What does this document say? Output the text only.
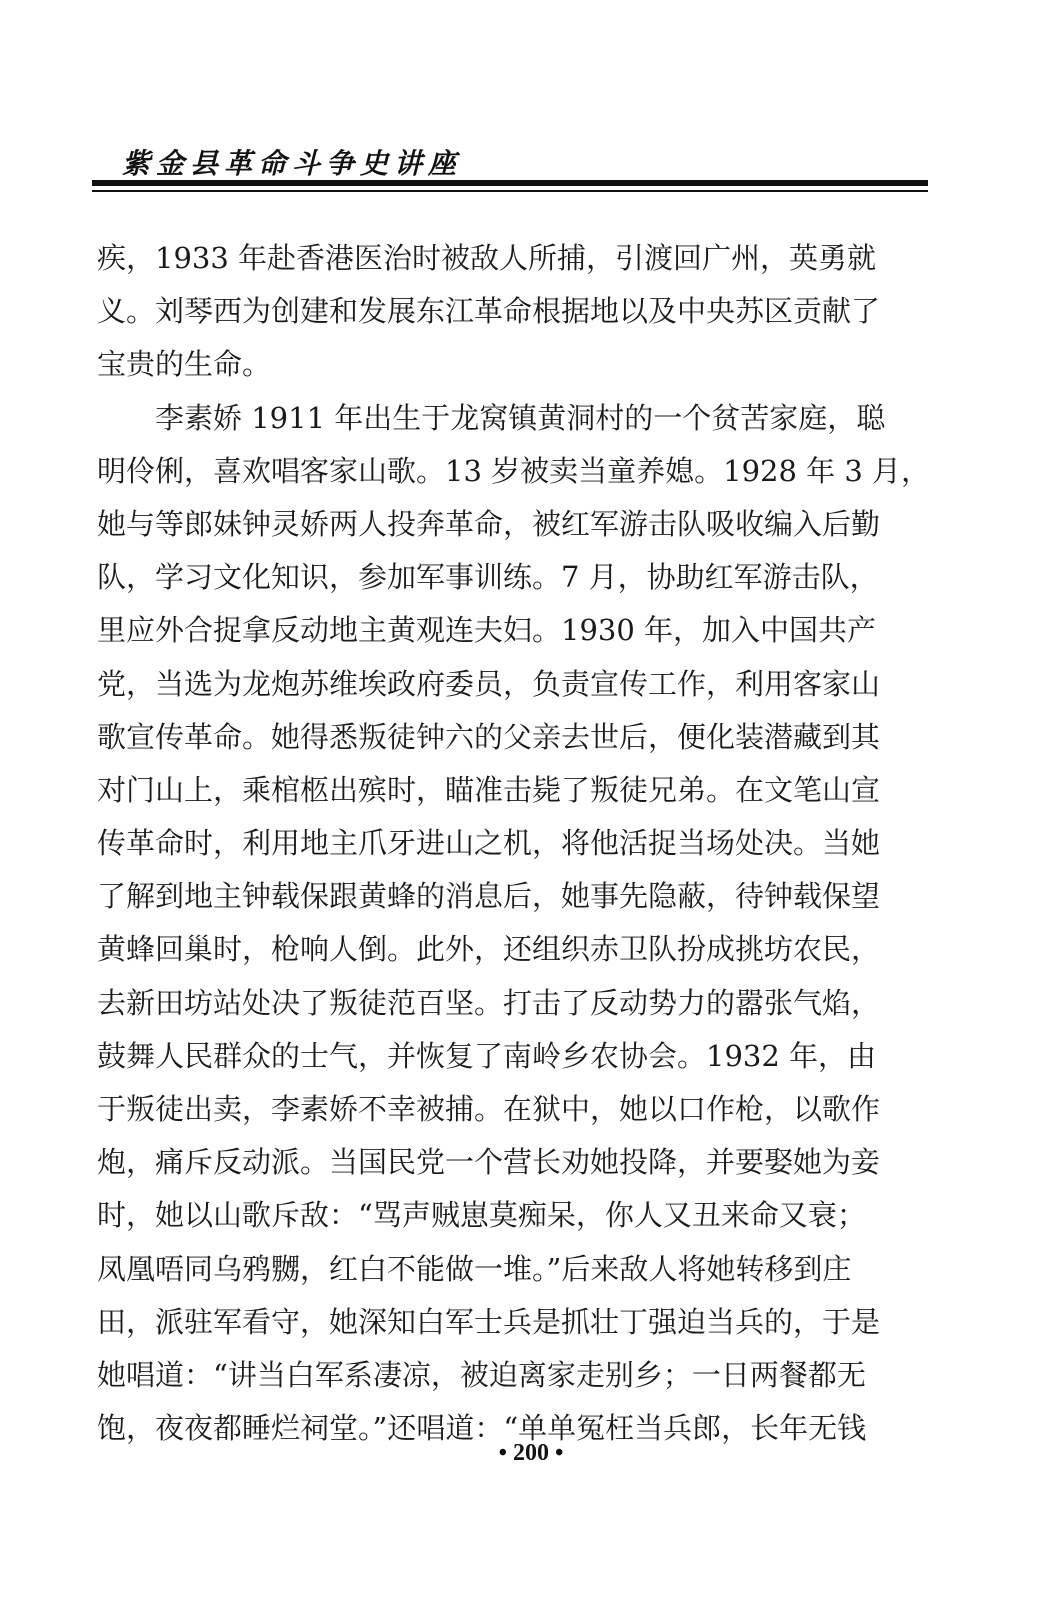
紫金县革命斗争史讲座
疾，1933 年赴香港医治时被敌人所捕，引渡回广州，英勇就
义。刘琴西为创建和发展东江革命根据地以及中央苏区贡献了
宝贵的生命。
李素娇 1911 年出生于龙窝镇黄洞村的一个贫苦家庭，聪
明伶俐，喜欢唱客家山歌。13 岁被卖当童养媳。1928 年 3 月，
她与等郎妹钟灵娇两人投奔革命，被红军游击队吸收编入后勤
队，学习文化知识，参加军事训练。7 月，协助红军游击队，
里应外合捉拿反动地主黄观连夫妇。1930 年，加入中国共产
党，当选为龙炮苏维埃政府委员，负责宣传工作，利用客家山
歌宣传革命。她得悉叛徒钟六的父亲去世后，便化装潜藏到其
对门山上，乘棺柩出殡时，瞄准击毙了叛徒兄弟。在文笔山宣
传革命时，利用地主爪牙进山之机，将他活捉当场处决。当她
了解到地主钟载保跟黄蜂的消息后，她事先隐蔽，待钟载保望
黄蜂回巢时，枪响人倒。此外，还组织赤卫队扮成挑坊农民，
去新田坊站处决了叛徒范百坚。打击了反动势力的嚣张气焰，
鼓舞人民群众的士气，并恢复了南岭乡农协会。1932 年，由
于叛徒出卖，李素娇不幸被捕。在狱中，她以口作枪，以歌作
炮，痛斥反动派。当国民党一个营长劝她投降，并要娶她为妾
时，她以山歌斥敌：“骂声贼崽莫痴呆，你人又丑来命又衰；
凤凰唔同乌鸦嬲，红白不能做一堆。”后来敌人将她转移到庄
田，派驻军看守，她深知白军士兵是抓壮丁强迫当兵的，于是
她唱道：“讲当白军系凄凉，被迫离家走别乡；一日两餐都无
饱，夜夜都睡烂祠堂。”还唱道：“单单冤枉当兵郎，长年无钱
• 200 •
